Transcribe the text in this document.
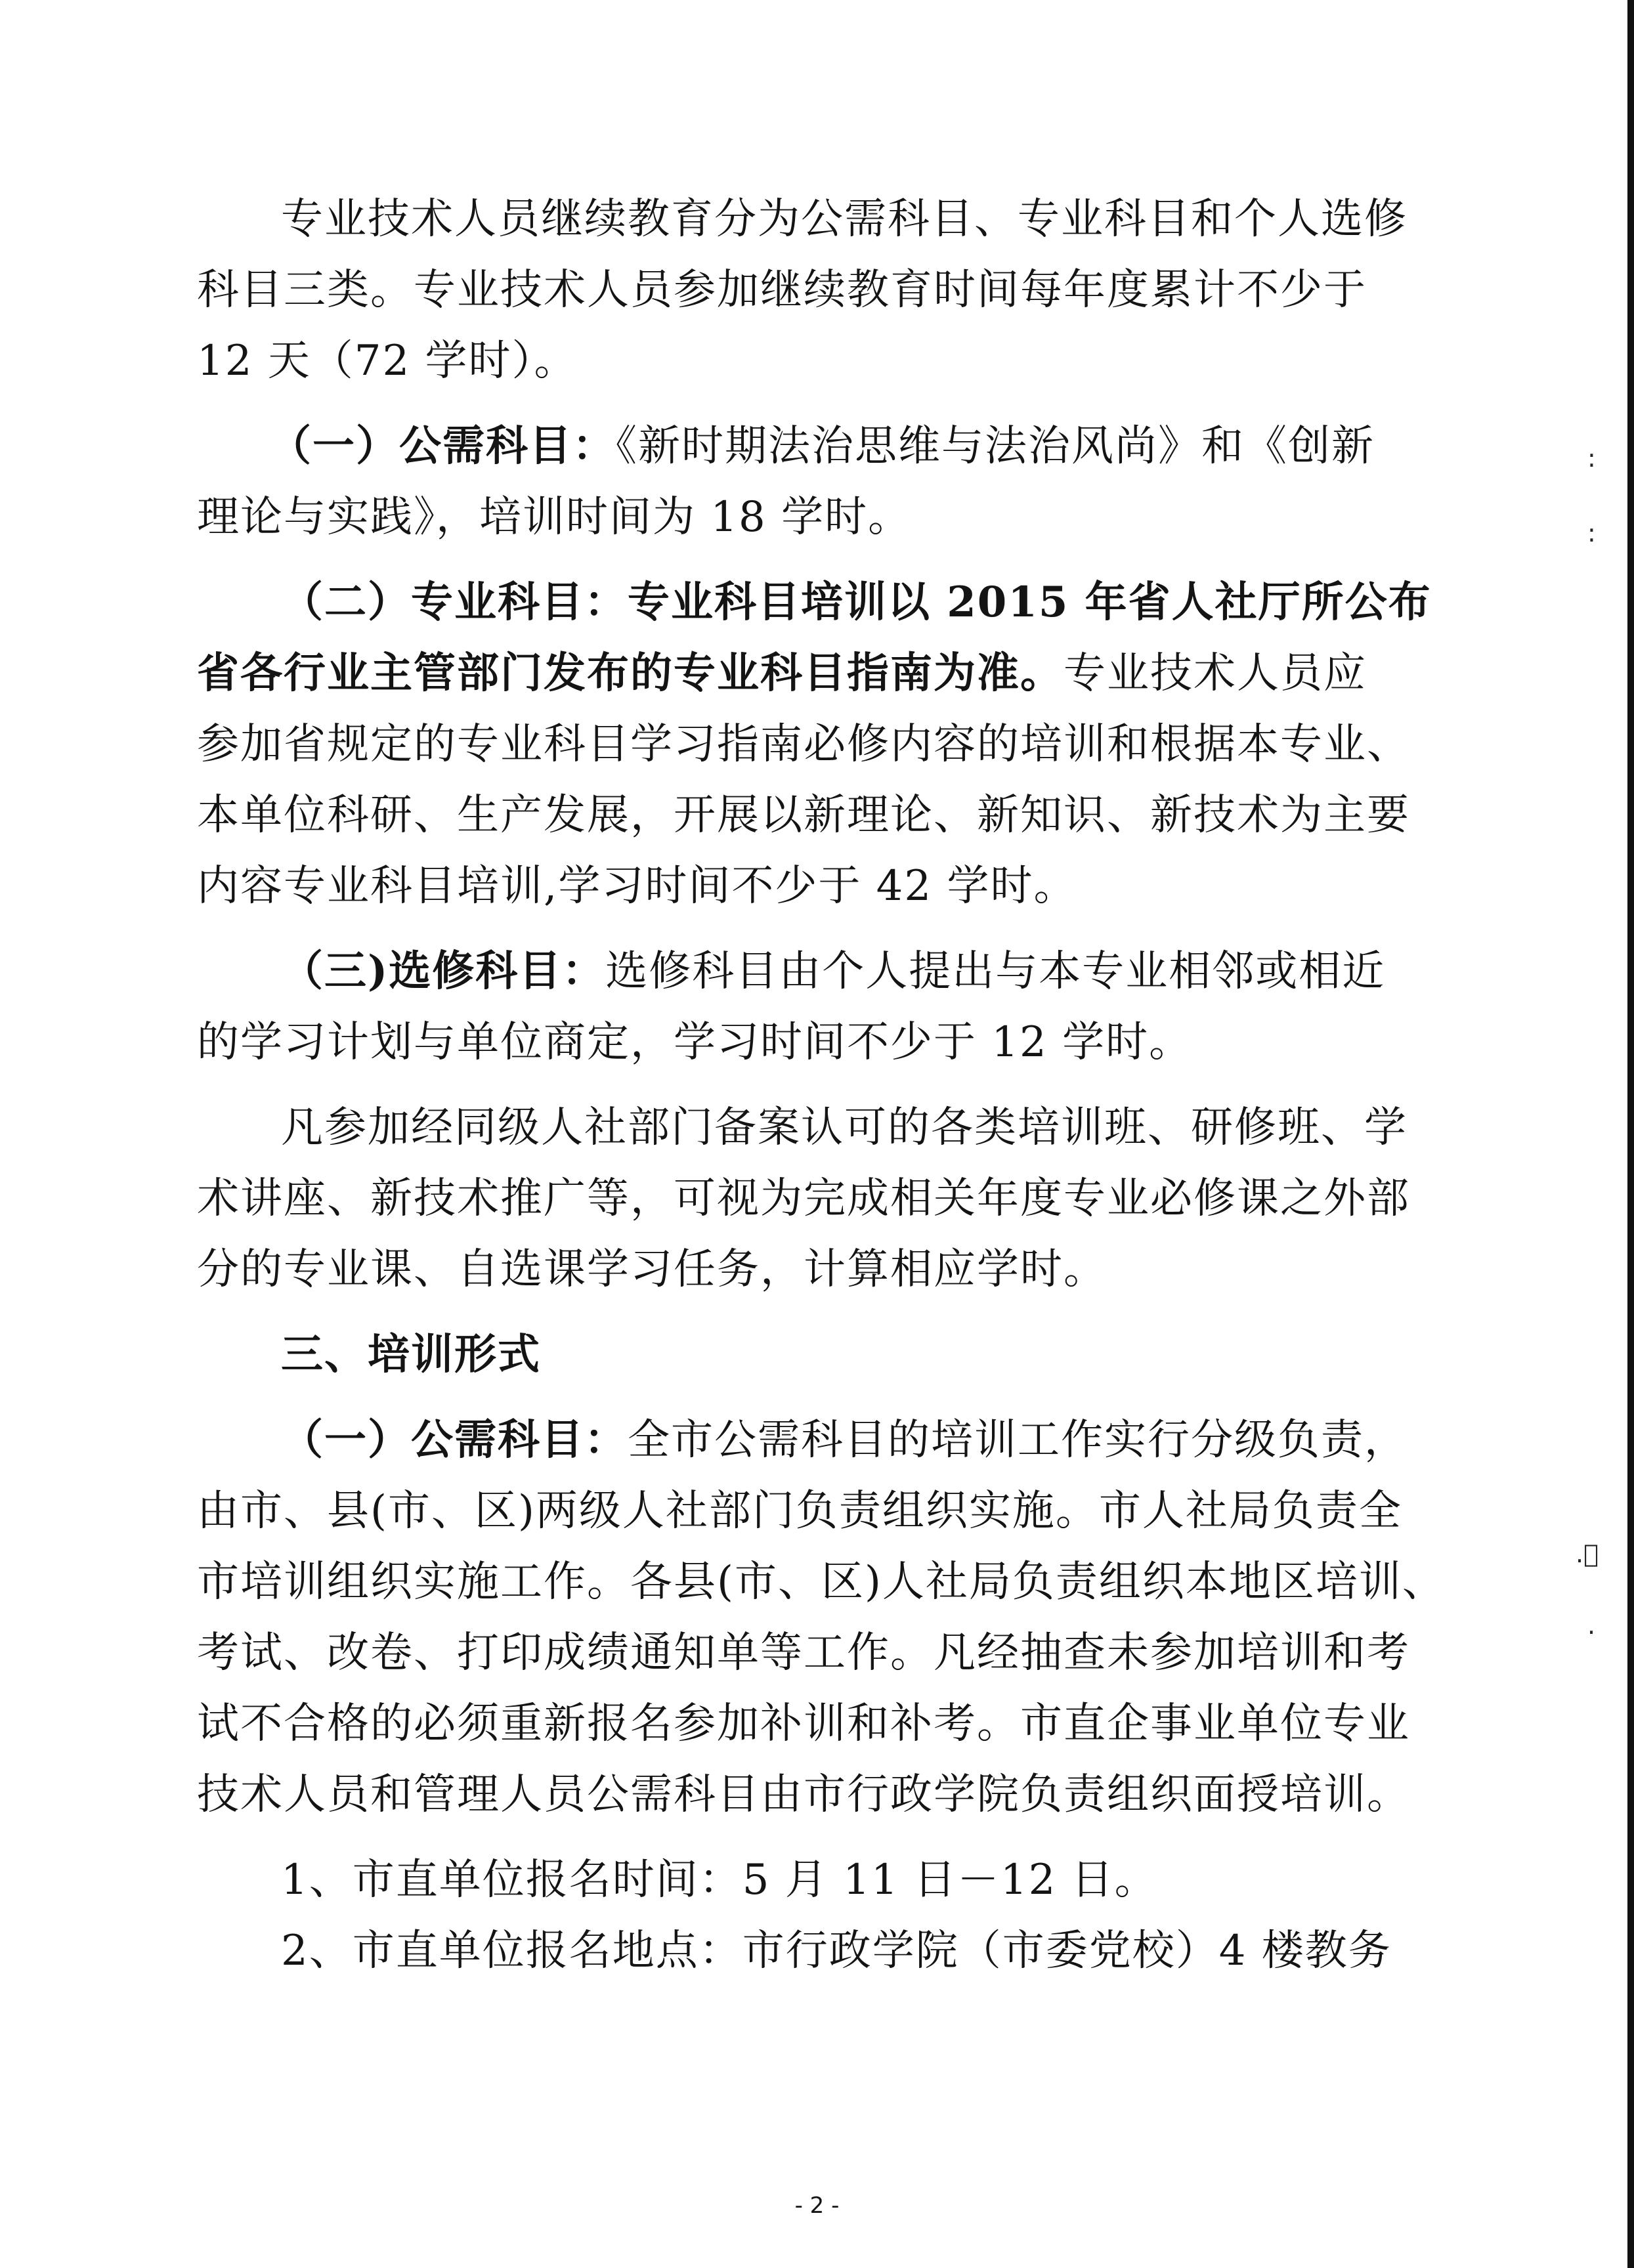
:
:
.ﾞ
·
专业技术人员继续教育分为公需科目、专业科目和个人选修
科目三类。专业技术人员参加继续教育时间每年度累计不少于
12 天（72 学时）。
（一）公需科目：《新时期法治思维与法治风尚》和《创新
理论与实践》，培训时间为 18 学时。
（二）专业科目：专业科目培训以 2015 年省人社厅所公布
省各行业主管部门发布的专业科目指南为准。专业技术人员应
参加省规定的专业科目学习指南必修内容的培训和根据本专业、
本单位科研、生产发展，开展以新理论、新知识、新技术为主要
内容专业科目培训,学习时间不少于 42 学时。
（三)选修科目：选修科目由个人提出与本专业相邻或相近
的学习计划与单位商定，学习时间不少于 12 学时。
凡参加经同级人社部门备案认可的各类培训班、研修班、学
术讲座、新技术推广等，可视为完成相关年度专业必修课之外部
分的专业课、自选课学习任务，计算相应学时。
三、培训形式
（一）公需科目：全市公需科目的培训工作实行分级负责，
由市、县(市、区)两级人社部门负责组织实施。市人社局负责全
市培训组织实施工作。各县(市、区)人社局负责组织本地区培训、
考试、改卷、打印成绩通知单等工作。凡经抽查未参加培训和考
试不合格的必须重新报名参加补训和补考。市直企事业单位专业
技术人员和管理人员公需科目由市行政学院负责组织面授培训。
1、市直单位报名时间：5 月 11 日－12 日。
2、市直单位报名地点：市行政学院（市委党校）4 楼教务
- 2 -
